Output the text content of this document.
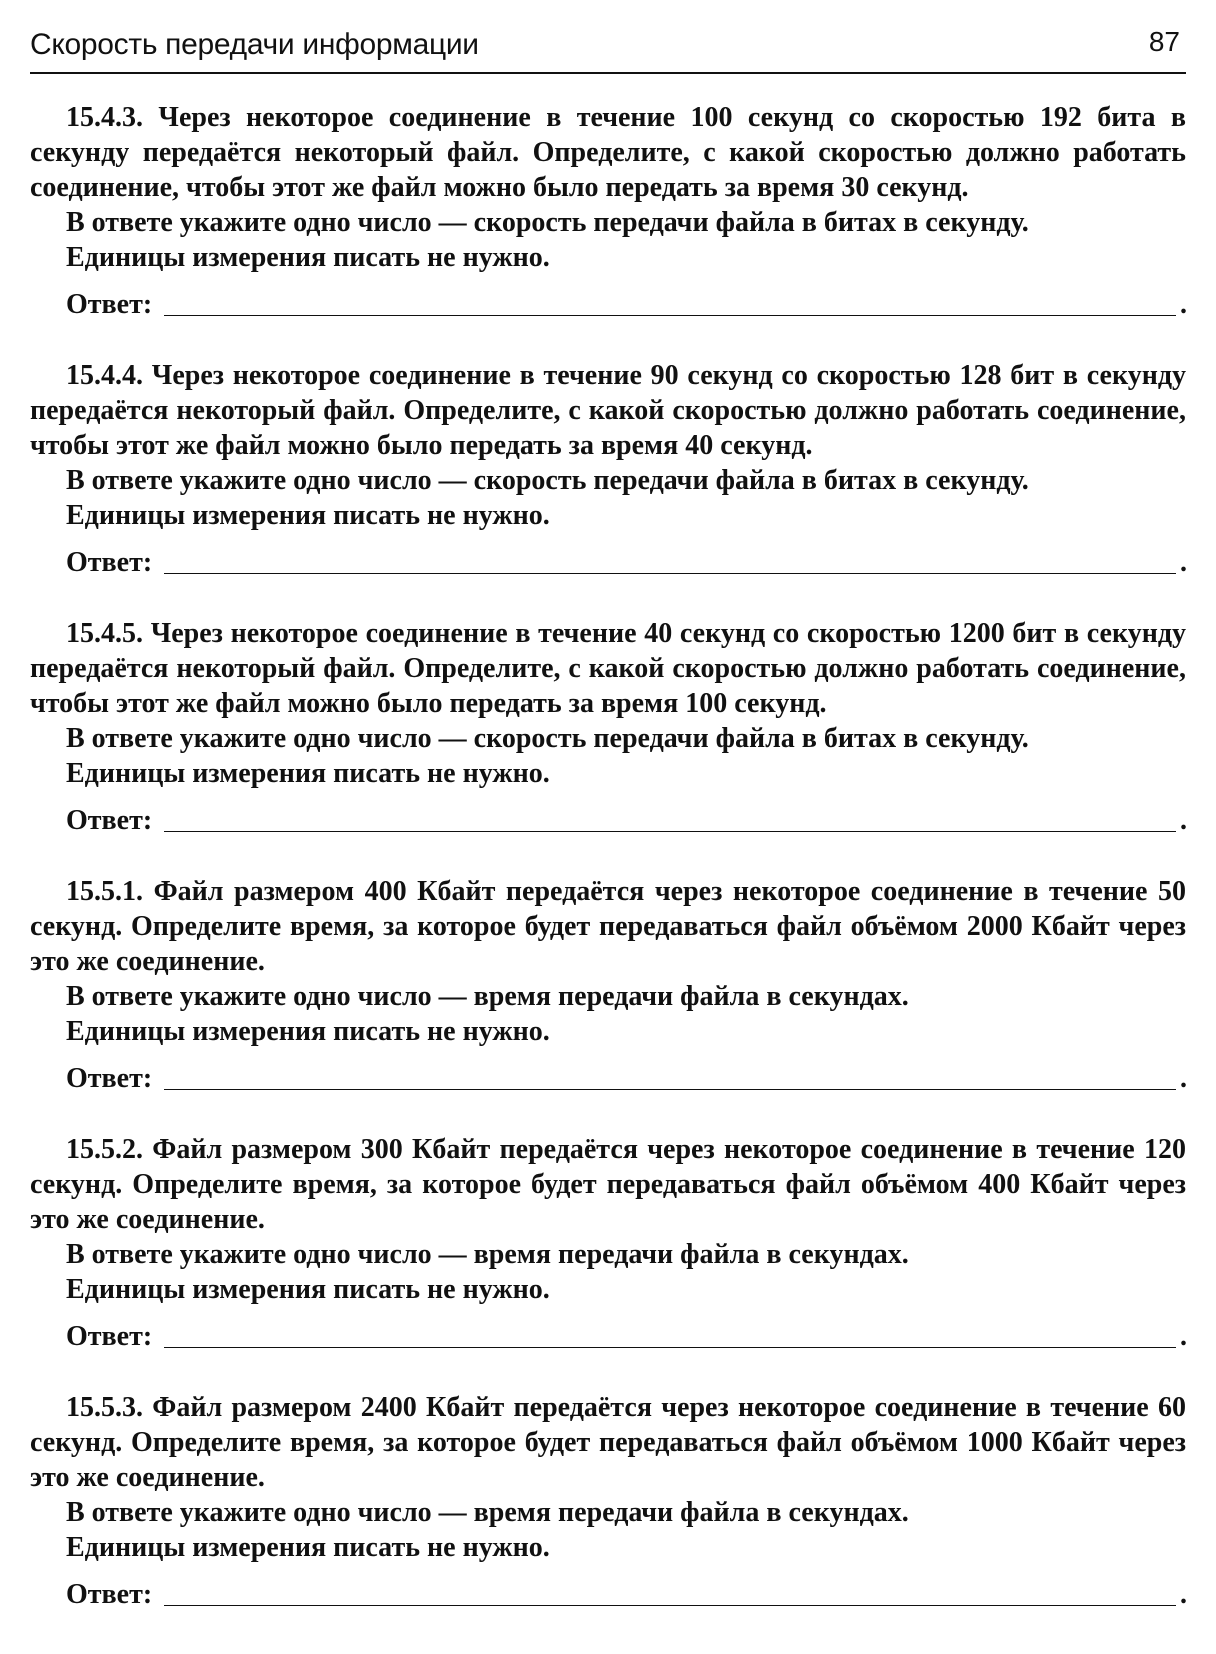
Скорость передачи информации	87

15.4.3. Через некоторое соединение в течение 100 секунд со скоростью 192 бита в секунду передаётся некоторый файл. Определите, с какой скоростью должно работать соединение, чтобы этот же файл можно было передать за время 30 секунд.

В ответе укажите одно число — скорость передачи файла в битах в секунду.

Единицы измерения писать не нужно.

Ответ:	.

15.4.4. Через некоторое соединение в течение 90 секунд со скоростью 128 бит в секунду передаётся некоторый файл. Определите, с какой скоростью должно работать соединение, чтобы этот же файл можно было передать за время 40 секунд.

В ответе укажите одно число — скорость передачи файла в битах в секунду.

Единицы измерения писать не нужно.

Ответ:	.

15.4.5. Через некоторое соединение в течение 40 секунд со скоростью 1200 бит в секунду передаётся некоторый файл. Определите, с какой скоростью должно работать соединение, чтобы этот же файл можно было передать за время 100 секунд.

В ответе укажите одно число — скорость передачи файла в битах в секунду.

Единицы измерения писать не нужно.

Ответ:	.

15.5.1. Файл размером 400 Кбайт передаётся через некоторое соединение в течение 50 секунд. Определите время, за которое будет передаваться файл объёмом 2000 Кбайт через это же соединение.

В ответе укажите одно число — время передачи файла в секундах.

Единицы измерения писать не нужно.

Ответ:	.

15.5.2. Файл размером 300 Кбайт передаётся через некоторое соединение в течение 120 секунд. Определите время, за которое будет передаваться файл объёмом 400 Кбайт через это же соединение.

В ответе укажите одно число — время передачи файла в секундах.

Единицы измерения писать не нужно.

Ответ:	.

15.5.3. Файл размером 2400 Кбайт передаётся через некоторое соединение в течение 60 секунд. Определите время, за которое будет передаваться файл объёмом 1000 Кбайт через это же соединение.

В ответе укажите одно число — время передачи файла в секундах.

Единицы измерения писать не нужно.

Ответ:	.
